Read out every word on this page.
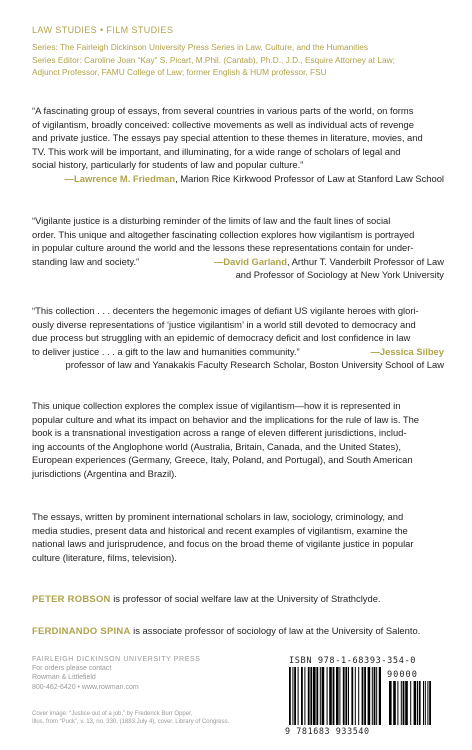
LAW STUDIES • FILM STUDIES
Series: The Fairleigh Dickinson University Press Series in Law, Culture, and the Humanities
Series Editor: Caroline Joan “Kay” S. Picart, M.Phil. (Cantab), Ph.D., J.D., Esquire Attorney at Law;
Adjunct Professor, FAMU College of Law; former English & HUM professor, FSU
“A fascinating group of essays, from several countries in various parts of the world, on forms
of vigilantism, broadly conceived: collective movements as well as individual acts of revenge
and private justice. The essays pay special attention to these themes in literature, movies, and
TV. This work will be important, and illuminating, for a wide range of scholars of legal and
social history, particularly for students of law and popular culture.”
—Lawrence M. Friedman, Marion Rice Kirkwood Professor of Law at Stanford Law School
“Vigilante justice is a disturbing reminder of the limits of law and the fault lines of social
order. This unique and altogether fascinating collection explores how vigilantism is portrayed
in popular culture around the world and the lessons these representations contain for under-
standing law and society.”	—David Garland, Arthur T. Vanderbilt Professor of Law
and Professor of Sociology at New York University
“This collection . . . decenters the hegemonic images of defiant US vigilante heroes with glori-
ously diverse representations of ‘justice vigilantism’ in a world still devoted to democracy and
due process but struggling with an epidemic of democracy deficit and lost confidence in law
to deliver justice . . . a gift to the law and humanities community.”	—Jessica Silbey
professor of law and Yanakakis Faculty Research Scholar, Boston University School of Law
This unique collection explores the complex issue of vigilantism—how it is represented in
popular culture and what its impact on behavior and the implications for the rule of law is. The
book is a transnational investigation across a range of eleven different jurisdictions, includ-
ing accounts of the Anglophone world (Australia, Britain, Canada, and the United States),
European experiences (Germany, Greece, Italy, Poland, and Portugal), and South American
jurisdictions (Argentina and Brazil).
The essays, written by prominent international scholars in law, sociology, criminology, and
media studies, present data and historical and recent examples of vigilantism, examine the
national laws and jurisprudence, and focus on the broad theme of vigilante justice in popular
culture (literature, films, television).
PETER ROBSON is professor of social welfare law at the University of Strathclyde.
FERDINANDO SPINA is associate professor of sociology of law at the University of Salento.
FAIRLEIGH DICKINSON UNIVERSITY PRESS
For orders please contact
Rowman & Littlefield
800-462-6420 • www.rowman.com
Cover image: “Justice out of a job,” by Frederick Burr Opper,
Illus. from “Puck”, v. 13, no. 330, (1883 July 4), cover. Library of Congress.
ISBN 978-1-68393-354-0
90000
9 781683 933540
